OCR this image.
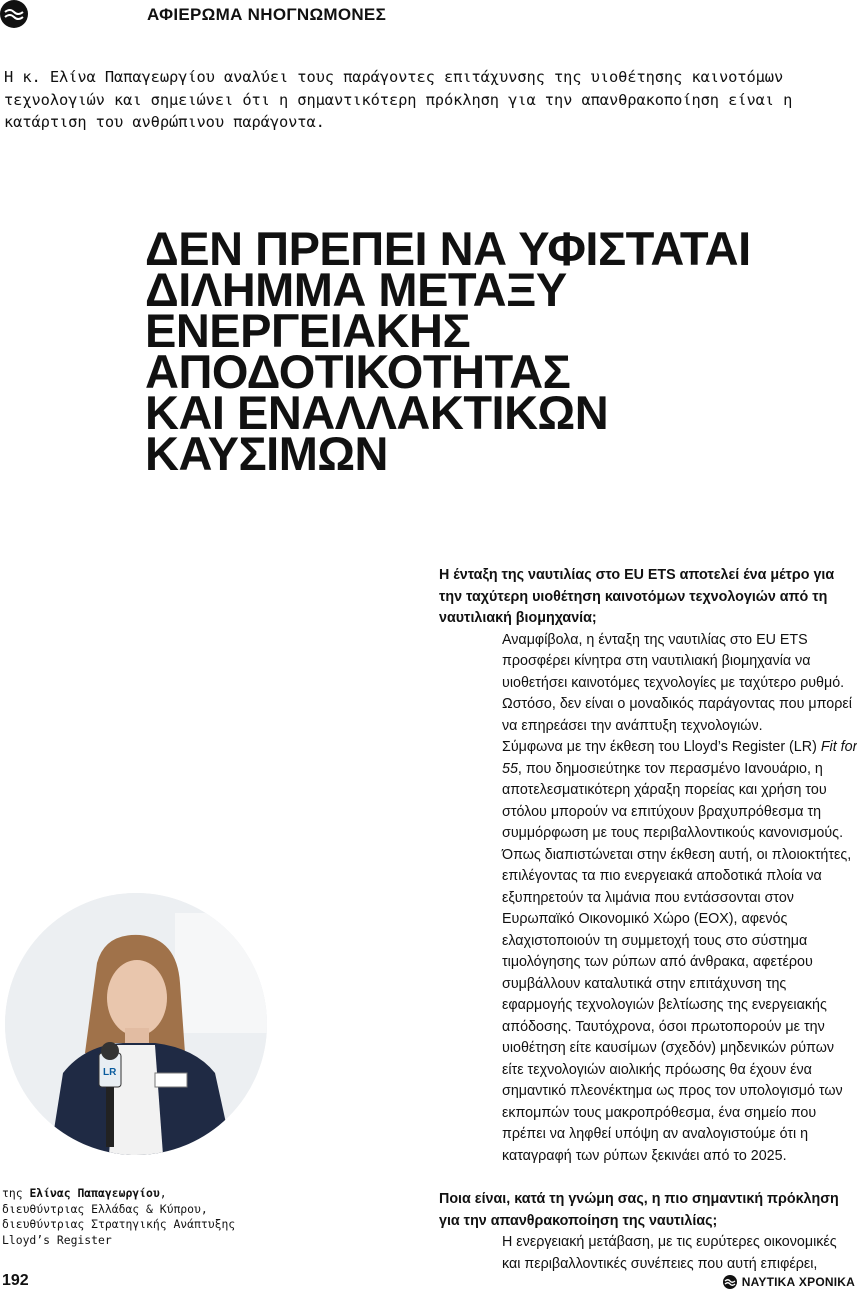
ΑΦΙΕΡΩΜΑ ΝΗΟΓΝΩΜΟΝΕΣ

Η κ. Ελίνα Παπαγεωργίου αναλύει τους παράγοντες επιτάχυνσης της υιοθέτησης καινοτόμων τεχνολογιών και σημειώνει ότι η σημαντικότερη πρόκληση για την απανθρακοποίηση είναι η κατάρτιση του ανθρώπινου παράγοντα.

ΔΕΝ ΠΡΕΠΕΙ ΝΑ ΥΦΙΣΤΑΤΑΙ
ΔΙΛΗΜΜΑ ΜΕΤΑΞΥ
ΕΝΕΡΓΕΙΑΚΗΣ
ΑΠΟΔΟΤΙΚΟΤΗΤΑΣ
ΚΑΙ ΕΝΑΛΛΑΚΤΙΚΩΝ
ΚΑΥΣΙΜΩΝ

Η ένταξη της ναυτιλίας στο EU ETS αποτελεί ένα μέτρο για την ταχύτερη υιοθέτηση καινοτόμων τεχνολογιών από τη ναυτιλιακή βιομηχανία;

Αναμφίβολα, η ένταξη της ναυτιλίας στο EU ETS προσφέρει κίνητρα στη ναυτιλιακή βιομηχανία να υιοθετήσει καινοτόμες τεχνολογίες με ταχύτερο ρυθμό. Ωστόσο, δεν είναι ο μοναδικός παράγοντας που μπορεί να επηρεάσει την ανάπτυξη τεχνολογιών.

Σύμφωνα με την έκθεση του Lloyd’s Register (LR) Fit for 55, που δημοσιεύτηκε τον περασμένο Ιανουάριο, η αποτελεσματικότερη χάραξη πορείας και χρήση του στόλου μπορούν να επιτύχουν βραχυπρόθεσμα τη συμμόρφωση με τους περιβαλλοντικούς κανονισμούς. Όπως διαπιστώνεται στην έκθεση αυτή, οι πλοιοκτήτες, επιλέγοντας τα πιο ενεργειακά αποδοτικά πλοία να εξυπηρετούν τα λιμάνια που εντάσσονται στον Ευρωπαϊκό Οικονομικό Χώρο (ΕΟΧ), αφενός ελαχιστοποιούν τη συμμετοχή τους στο σύστημα τιμολόγησης των ρύπων από άνθρακα, αφετέρου συμβάλλουν καταλυτικά στην επιτάχυνση της εφαρμογής τεχνολογιών βελτίωσης της ενεργειακής απόδοσης. Ταυτόχρονα, όσοι πρωτοπορούν με την υιοθέτηση είτε καυσίμων (σχεδόν) μηδενικών ρύπων είτε τεχνολογιών αιολικής πρόωσης θα έχουν ένα σημαντικό πλεονέκτημα ως προς τον υπολογισμό των εκπομπών τους μακροπρόθεσμα, ένα σημείο που πρέπει να ληφθεί υπόψη αν αναλογιστούμε ότι η καταγραφή των ρύπων ξεκινάει από το 2025.

Ποια είναι, κατά τη γνώμη σας, η πιο σημαντική πρόκληση για την απανθρακοποίηση της ναυτιλίας;

Η ενεργειακή μετάβαση, με τις ευρύτερες οικονομικές και περιβαλλοντικές συνέπειες που αυτή επιφέρει,

LR

της Ελίνας Παπαγεωργίου,
διευθύντριας Ελλάδας & Κύπρου,
διευθύντριας Στρατηγικής Ανάπτυξης
Lloyd’s Register

192	ΝΑΥΤΙΚΑ ΧΡΟΝΙΚΑ
